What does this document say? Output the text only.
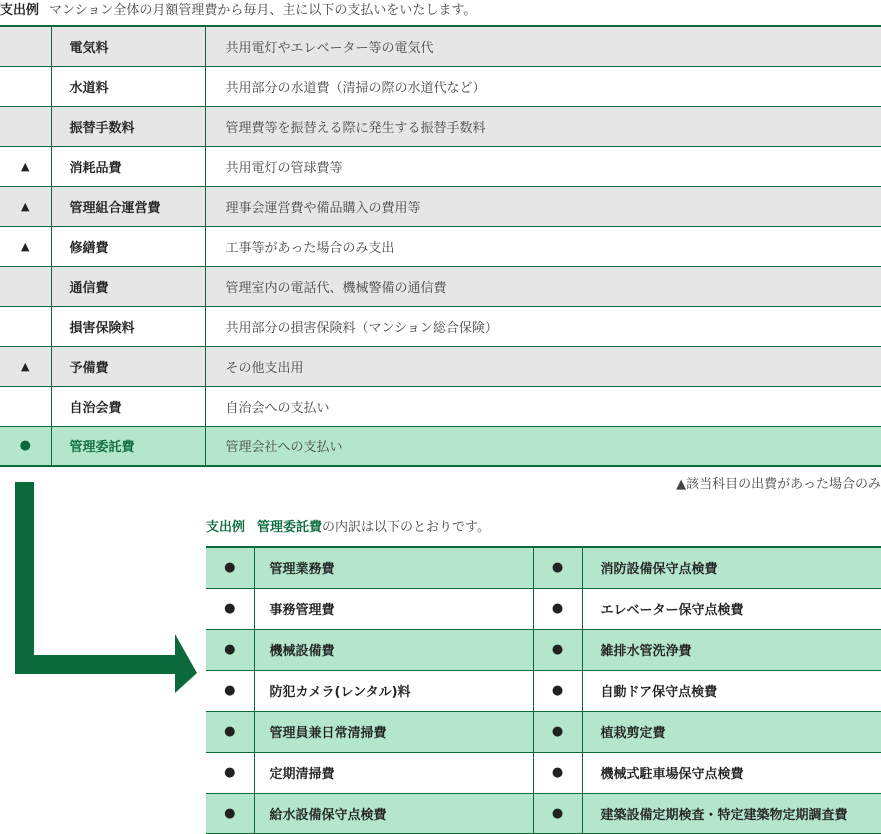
支出例 マンション全体の月額管理費から毎月、主に以下の支払いをいたします。
	電気料	共用電灯やエレベーター等の電気代
	水道料	共用部分の水道費（清掃の際の水道代など）
	振替手数料	管理費等を振替える際に発生する振替手数料
▲	消耗品費	共用電灯の管球費等
▲	管理組合運営費	理事会運営費や備品購入の費用等
▲	修繕費	工事等があった場合のみ支出
	通信費	管理室内の電話代、機械警備の通信費
	損害保険料	共用部分の損害保険料（マンション総合保険）
▲	予備費	その他支出用
	自治会費	自治会への支払い
●	管理委託費	管理会社への支払い
▲該当科目の出費があった場合のみ
支出例 管理委託費の内訳は以下のとおりです。
●	管理業務費	●	消防設備保守点検費
●	事務管理費	●	エレベーター保守点検費
●	機械設備費	●	雑排水管洗浄費
●	防犯カメラ(レンタル)料	●	自動ドア保守点検費
●	管理員兼日常清掃費	●	植栽剪定費
●	定期清掃費	●	機械式駐車場保守点検費
●	給水設備保守点検費	●	建築設備定期検査・特定建築物定期調査費
